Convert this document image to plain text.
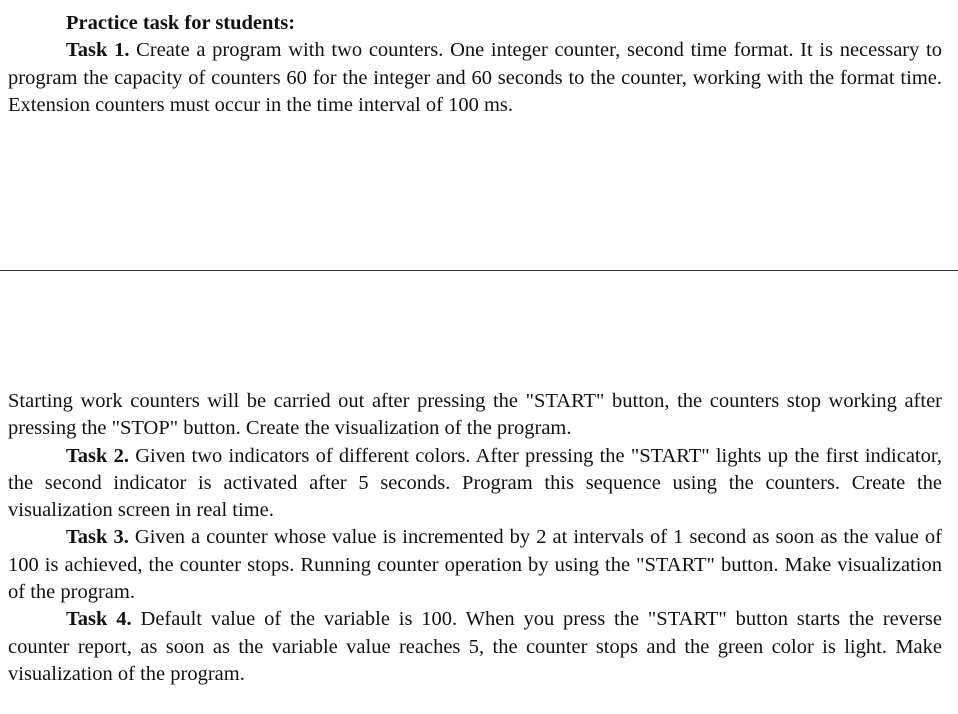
Practice task for students:

Task 1. Create a program with two counters. One integer counter, second time format. It is necessary to program the capacity of counters 60 for the integer and 60 seconds to the counter, working with the format time. Extension counters must occur in the time interval of 100 ms.

Starting work counters will be carried out after pressing the "START" button, the counters stop working after pressing the "STOP" button. Create the visualization of the program.

Task 2. Given two indicators of different colors. After pressing the "START" lights up the first indicator, the second indicator is activated after 5 seconds. Program this sequence using the counters. Create the visualization screen in real time.

Task 3. Given a counter whose value is incremented by 2 at intervals of 1 second as soon as the value of 100 is achieved, the counter stops. Running counter operation by using the "START" button. Make visualization of the program.

Task 4. Default value of the variable is 100. When you press the "START" button starts the reverse counter report, as soon as the variable value reaches 5, the counter stops and the green color is light. Make visualization of the program.
